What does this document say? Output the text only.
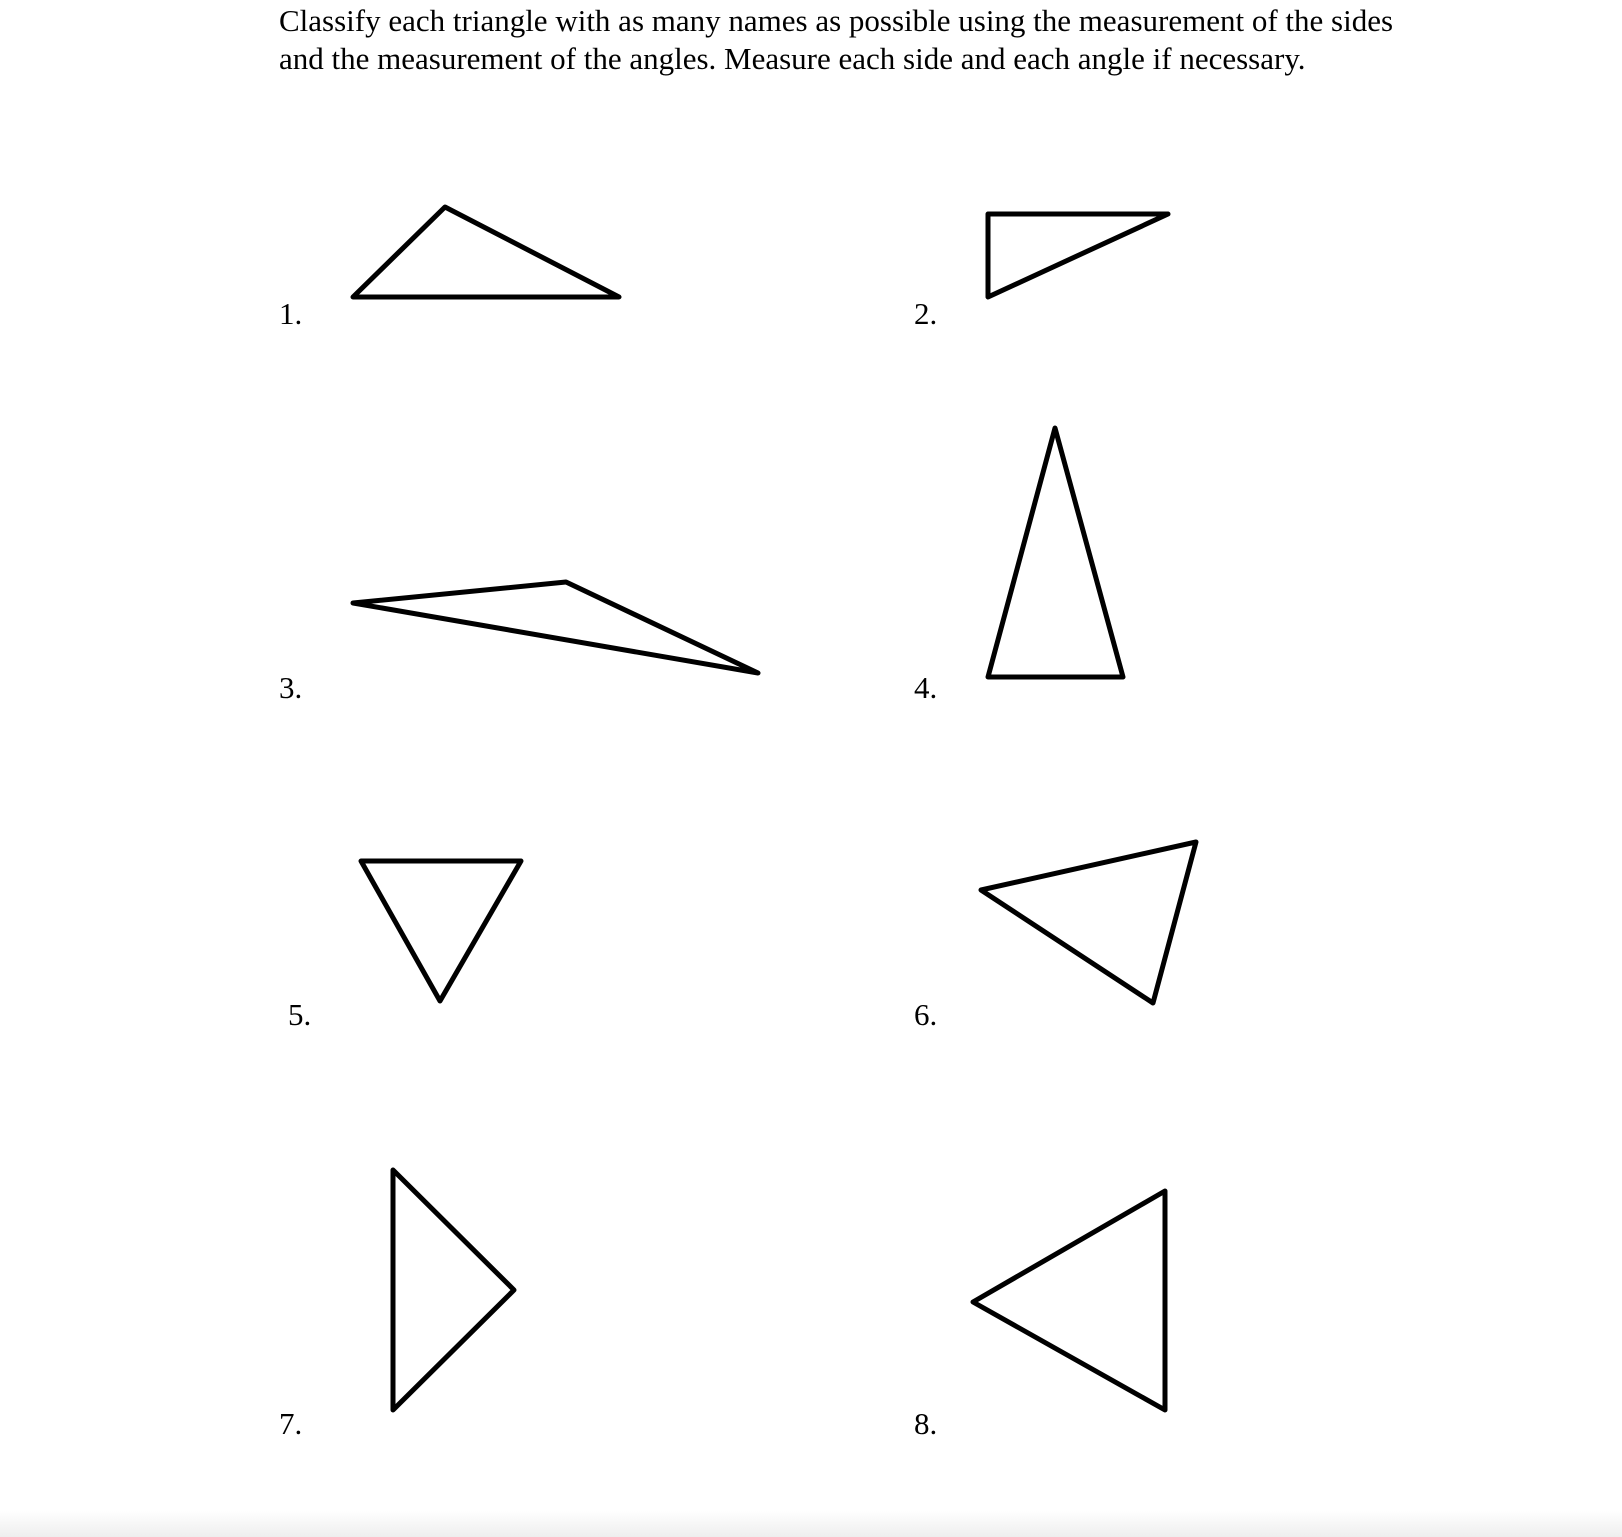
Classify each triangle with as many names as possible using the measurement of the sides and the measurement of the angles. Measure each side and each angle if necessary.

1.	2.
3.	4.
5.	6.
7.	8.
